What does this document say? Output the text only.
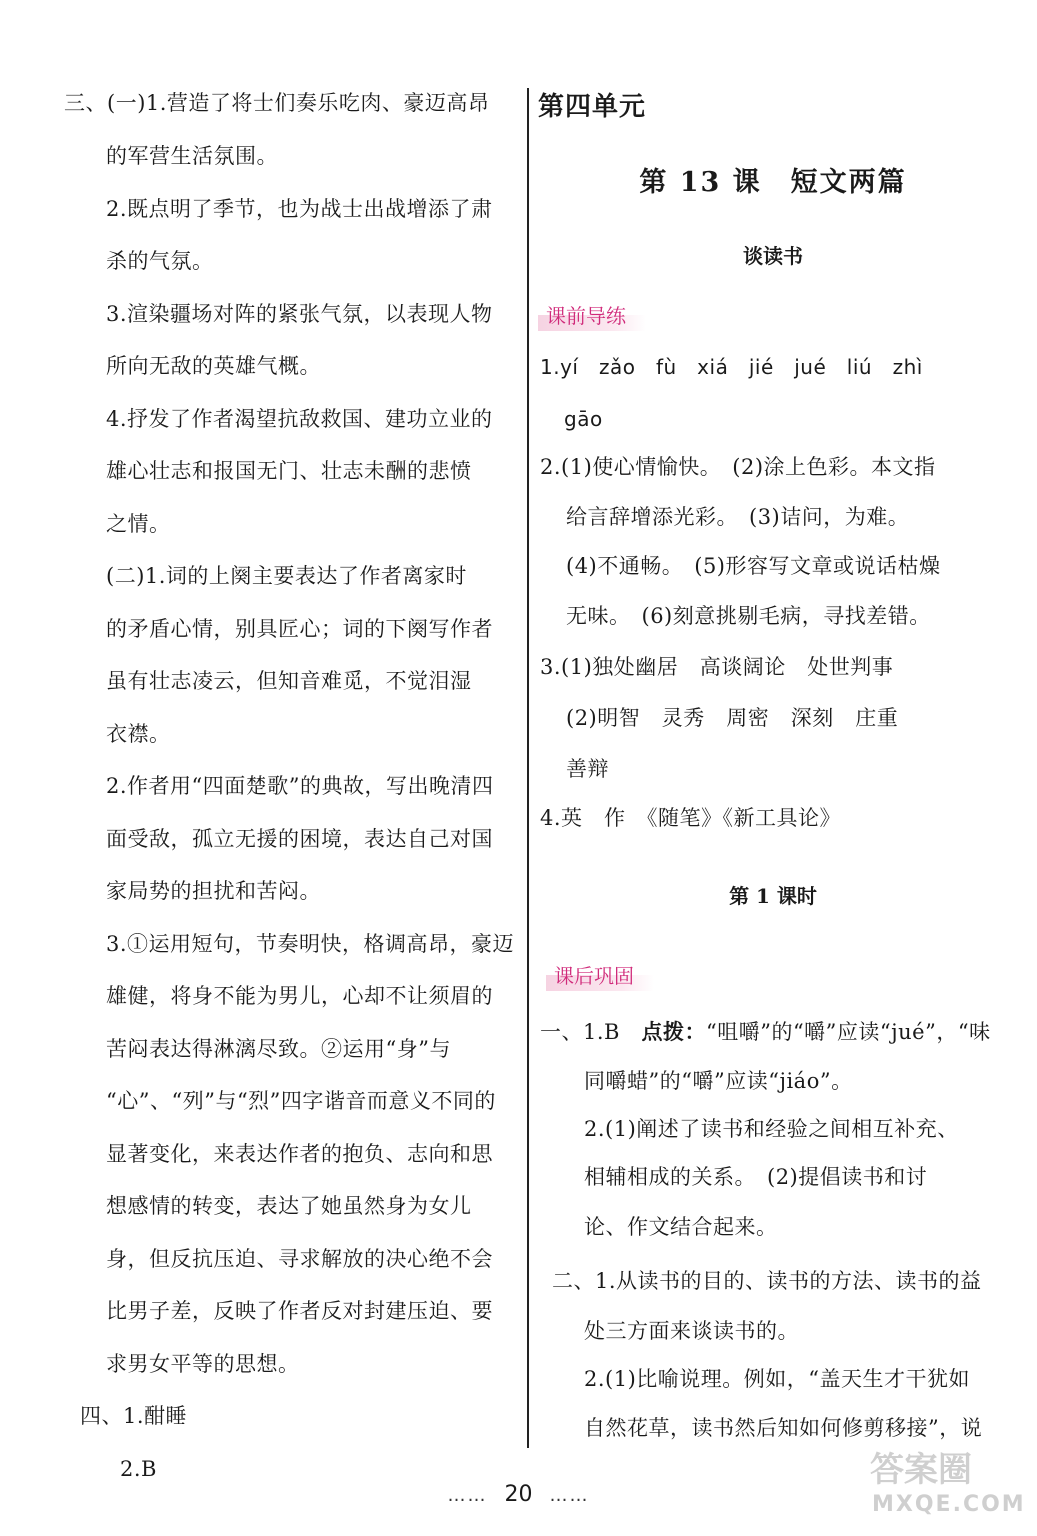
三、(一)1.营造了将士们奏乐吃肉、豪迈高昂
的军营生活氛围。
2.既点明了季节，也为战士出战增添了肃
杀的气氛。
3.渲染疆场对阵的紧张气氛，以表现人物
所向无敌的英雄气概。
4.抒发了作者渴望抗敌救国、建功立业的
雄心壮志和报国无门、壮志未酬的悲愤
之情。
(二)1.词的上阕主要表达了作者离家时
的矛盾心情，别具匠心；词的下阕写作者
虽有壮志凌云，但知音难觅，不觉泪湿
衣襟。
2.作者用“四面楚歌”的典故，写出晚清四
面受敌，孤立无援的困境，表达自己对国
家局势的担扰和苦闷。
3.①运用短句，节奏明快，格调高昂，豪迈
雄健，将身不能为男儿，心却不让须眉的
苦闷表达得淋漓尽致。②运用“身”与
“心”、“列”与“烈”四字谐音而意义不同的
显著变化，来表达作者的抱负、志向和思
想感情的转变，表达了她虽然身为女儿
身，但反抗压迫、寻求解放的决心绝不会
比男子差，反映了作者反对封建压迫、要
求男女平等的思想。
四、1.酣睡
2.B
第四单元
第 13 课　短文两篇
谈读书
课前导练
1.yí　zǎo　fù　xiá　jié　jué　liú　zhì
gāo
2.(1)使心情愉快。　(2)涂上色彩。本文指
给言辞增添光彩。　(3)诘问，为难。
(4)不通畅。　(5)形容写文章或说话枯燥
无味。　(6)刻意挑剔毛病，寻找差错。
3.(1)独处幽居　高谈阔论　处世判事
(2)明智　灵秀　周密　深刻　庄重
善辩
4.英　作　《随笔》《新工具论》
第 1 课时
课后巩固
一、1.B　点拨：“咀嚼”的“嚼”应读“jué”，“味
同嚼蜡”的“嚼”应读“jiáo”。
2.(1)阐述了读书和经验之间相互补充、
相辅相成的关系。　(2)提倡读书和讨
论、作文结合起来。
二、1.从读书的目的、读书的方法、读书的益
处三方面来谈读书的。
2.(1)比喻说理。例如，“盖天生才干犹如
自然花草，读书然后知如何修剪移接”，说
…… 20 ……
答案圈
MXQE.COM
